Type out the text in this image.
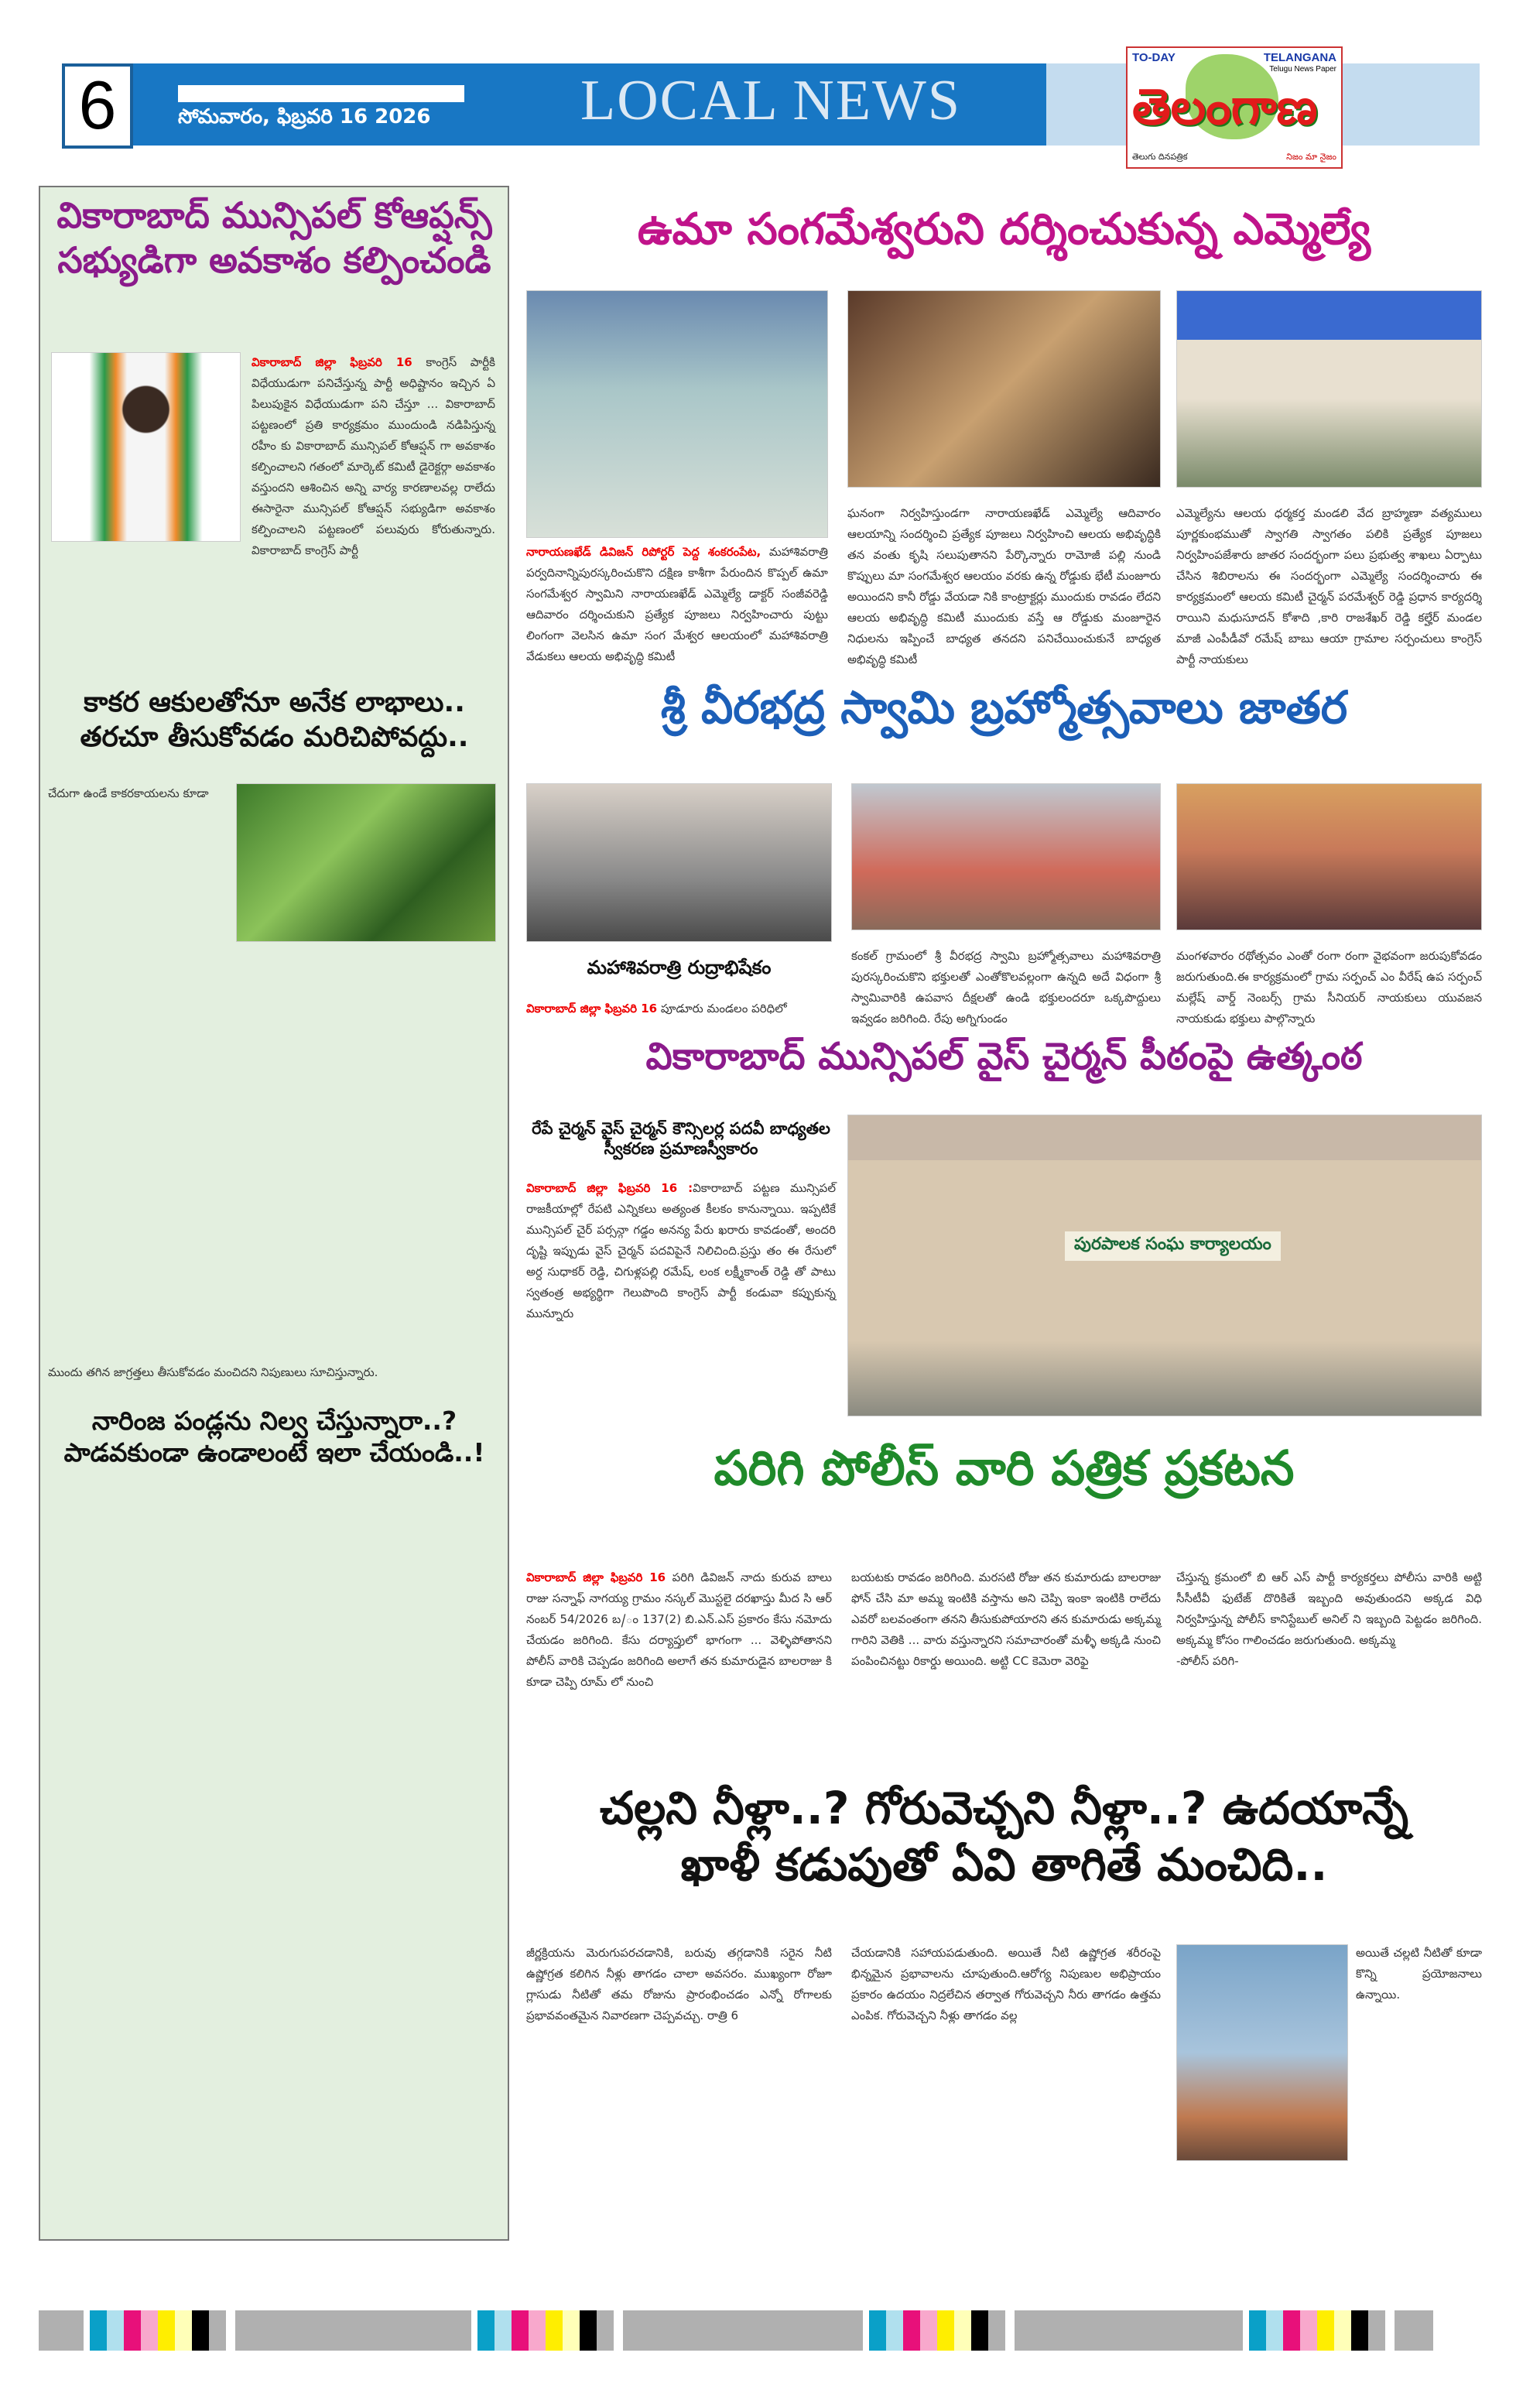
6	సోమవారం, ఫిబ్రవరి 16 2026	LOCAL NEWS
TO-DAY	TELANGANA
Telugu News Paper
తెలంగాణ
తెలుగు దినపత్రిక	నిజం మా నైజం
వికారాబాద్ మున్సిపల్ కోఆప్షన్స్ సభ్యుడిగా అవకాశం కల్పించండి
వికారాబాద్ జిల్లా ఫిబ్రవరి 16 కాంగ్రెస్ పార్టీకి విధేయుడుగా పనిచేస్తున్న పార్టీ అధిష్టానం ఇచ్చిన ఏ పిలుపుకైన విధేయుడుగా పని చేస్తూ ... వికారాబాద్ పట్టణంలో ప్రతి కార్యక్రమం ముందుండి నడిపిస్తున్న రహీం కు వికారాబాద్ మున్సిపల్ కోఆప్షన్ గా అవకాశం కల్పించాలని గతంలో మార్కెట్ కమిటీ డైరెక్టర్గా అవకాశం వస్తుందని ఆశించిన అన్ని వార్య కారణాలవల్ల రాలేదు ఈసారైనా మున్సిపల్ కోఆప్షన్ సభ్యుడిగా అవకాశం కల్పించాలని పట్టణంలో పలువురు కోరుతున్నారు. వికారాబాద్ కాంగ్రెస్ పార్టీ
కాకర ఆకులతోనూ అనేక లాభాలు..
తరచూ తీసుకోవడం మరిచిపోవద్దు..
చేదుగా ఉండే కాకరకాయలను కూడా
ముందు తగిన జాగ్రత్తలు తీసుకోవడం మంచిదని నిపుణులు సూచిస్తున్నారు.
నారింజ పండ్లను నిల్వ చేస్తున్నారా..?
పాడవకుండా ఉండాలంటే ఇలా చేయండి..!
ఉమా సంగమేశ్వరుని దర్శించుకున్న ఎమ్మెల్యే
నారాయణఖేడ్ డివిజన్ రిపోర్టర్ పెద్ద శంకరంపేట, మహాశివరాత్రి పర్వదినాన్నిపురస్కరించుకొని దక్షిణ కాశీగా పేరుందిన కొప్పల్ ఉమా సంగమేశ్వర స్వామిని నారాయణఖేడ్ ఎమ్మెల్యే డాక్టర్ సంజీవరెడ్డి ఆదివారం దర్శించుకుని ప్రత్యేక పూజలు నిర్వహించారు పుట్టు లింగంగా వెలసిన ఉమా సంగ మేశ్వర ఆలయంలో మహాశివరాత్రి వేడుకలు ఆలయ అభివృద్ధి కమిటీ
ఘనంగా నిర్వహిస్తుండగా నారాయణఖేడ్ ఎమ్మెల్యే ఆదివారం ఆలయాన్ని సందర్శించి ప్రత్యేక పూజలు నిర్వహించి ఆలయ అభివృద్ధికి తన వంతు కృషి సలుపుతానని పేర్కొన్నారు రామోజీ పల్లి నుండి కొప్పులు మా సంగమేశ్వర ఆలయం వరకు ఉన్న రోడ్డుకు భేటీ మంజూరు అయిందని కానీ రోడ్డు వేయడా నికి కాంట్రాక్టర్లు ముందుకు రావడం లేదని ఆలయ అభివృద్ధి కమిటీ ముందుకు వస్తే ఆ రోడ్డుకు మంజూరైన నిధులను ఇప్పించే బాధ్యత తనదని పనిచేయించుకునే బాధ్యత అభివృద్ధి కమిటీ
ఎమ్మెల్యేను ఆలయ ధర్మకర్త మండలి వేద బ్రాహ్మణా వత్యములు పూర్ణకుంభముతో స్వాగతి స్వాగతం పలికి ప్రత్యేక పూజలు నిర్వహింపజేశారు జాతర సందర్భంగా పలు ప్రభుత్వ శాఖలు ఏర్పాటు చేసిన శిబిరాలను ఈ సందర్భంగా ఎమ్మెల్యే సందర్శించారు ఈ కార్యక్రమంలో ఆలయ కమిటీ చైర్మన్ పరమేశ్వర్ రెడ్డి ప్రధాన కార్యదర్శి రాయిని మధుసూదన్ కోశాది ,కారి రాజశేఖర్ రెడ్డి కల్హేర్ మండల మాజీ ఎంపీడీవో రమేష్ బాబు ఆయా గ్రామాల సర్పంచులు కాంగ్రెస్ పార్టీ నాయకులు
శ్రీ వీరభద్ర స్వామి బ్రహ్మోత్సవాలు జాతర
మహాశివరాత్రి రుద్రాభిషేకం
వికారాబాద్ జిల్లా ఫిబ్రవరి 16 పూడూరు మండలం పరిధిలో
కంకల్ గ్రామంలో శ్రీ వీరభద్ర స్వామి బ్రహ్మోత్సవాలు మహాశివరాత్రి పురస్కరించుకొని భక్తులతో ఎంతోకొలవల్లంగా ఉన్నది అదే విధంగా శ్రీ స్వామివారికి ఉపవాస దీక్షలతో ఉండి భక్తులందరూ ఒక్కపొద్దులు ఇవ్వడం జరిగింది. రేపు అగ్నిగుండం
మంగళవారం రథోత్సవం ఎంతో రంగా రంగా వైభవంగా జరుపుకోవడం జరుగుతుంది.ఈ కార్యక్రమంలో గ్రామ సర్పంచ్ ఎం వీరేష్ ఉప సర్పంచ్ మల్లేష్ వార్డ్ నెంబర్స్ గ్రామ సీనియర్ నాయకులు యువజన నాయకుడు భక్తులు పాల్గొన్నారు
వికారాబాద్ మున్సిపల్ వైస్ చైర్మన్ పీఠంపై ఉత్కంఠ
రేపే చైర్మన్ వైస్ చైర్మన్ కౌన్సిలర్ల పదవీ బాధ్యతల స్వీకరణ ప్రమాణస్వీకారం
వికారాబాద్ జిల్లా ఫిబ్రవరి 16 :వికారాబాద్ పట్టణ మున్సిపల్ రాజకీయాల్లో రేపటి ఎన్నికలు అత్యంత కీలకం కానున్నాయి. ఇప్పటికే మున్సిపల్ చైర్ పర్సన్గా గడ్డం అనన్య పేరు ఖరారు కావడంతో, అందరి దృష్టి ఇప్పుడు వైస్ చైర్మన్ పదవిపైనే నిలిచింది.ప్రస్తు తం ఈ రేసులో అర్ద సుధాకర్ రెడ్డి, చిగుళ్లపల్లి రమేష్, లంక లక్ష్మీకాంత్ రెడ్డి తో పాటు స్వతంత్ర అభ్యర్థిగా గెలుపొంది కాంగ్రెస్ పార్టీ కండువా కప్పుకున్న మున్నూరు
పురపాలక సంఘ కార్యాలయం
పరిగి పోలీస్ వారి పత్రిక ప్రకటన
వికారాబాద్ జిల్లా ఫిబ్రవరి 16 పరిగి డివిజన్ నాదు కురువ బాలు రాజు సన్నాఫ్ నాగయ్య గ్రామం నస్కల్ మొస్టలై దరఖాస్తు మీద సి ఆర్ నంబర్ 54/2026 బ/ం 137(2) బి.ఎన్.ఎస్ ప్రకారం కేసు నమోదు చేయడం జరిగింది. కేసు దర్యాప్తులో భాగంగా ... వెళ్ళిపోతానని పోలీస్ వారికి చెప్పడం జరిగింది అలాగే తన కుమారుడైన బాలరాజు కి కూడా చెప్పి రూమ్ లో నుంచి
బయటకు రావడం జరిగింది. మరసటి రోజు తన కుమారుడు బాలరాజు ఫోన్ చేసి మా అమ్మ ఇంటికి వస్తాను అని చెప్పి ఇంకా ఇంటికి రాలేదు ఎవరో బలవంతంగా తనని తీసుకుపోయారని తన కుమారుడు అక్కమ్మ గారిని వెతికి ... వారు వస్తున్నారని సమాచారంతో మళ్ళీ అక్కడి నుంచి పంపించినట్టు రికార్డు అయింది. అట్టి CC కెమెరా వెరిఫై
చేస్తున్న క్రమంలో బి ఆర్ ఎస్ పార్టీ కార్యకర్తలు పోలీసు వారికి అట్టి సీసీటీవీ ఫుటేజ్ దొరికితే ఇబ్బంది అవుతుందని అక్కడ విధి నిర్వహిస్తున్న పోలీస్ కానిస్టేబుల్ అనిల్ ని ఇబ్బంది పెట్టడం జరిగింది. అక్కమ్మ కోసం గాలించడం జరుగుతుంది. అక్కమ్మ
-పోలీస్ పరిగి-
చల్లని నీళ్లా..? గోరువెచ్చని నీళ్లా..? ఉదయాన్నే
ఖాళీ కడుపుతో ఏవి తాగితే మంచిది..
జీర్ణక్రియను మెరుగుపరచడానికి, బరువు తగ్గడానికి సరైన నీటి ఉష్ణోగ్రత కలిగిన నీళ్లు తాగడం చాలా అవసరం. ముఖ్యంగా రోజూ గ్లాసుడు నీటితో తమ రోజును ప్రారంభించడం ఎన్నో రోగాలకు ప్రభావవంతమైన నివారణగా చెప్పవచ్చు. రాత్రి 6
చేయడానికి సహాయపడుతుంది. అయితే నీటి ఉష్ణోగ్రత శరీరంపై భిన్నమైన ప్రభావాలను చూపుతుంది.ఆరోగ్య నిపుణుల అభిప్రాయం ప్రకారం ఉదయం నిద్రలేచిన తర్వాత గోరువెచ్చని నీరు తాగడం ఉత్తమ ఎంపిక. గోరువెచ్చని నీళ్లు తాగడం వల్ల
అయితే చల్లటి నీటితో కూడా కొన్ని ప్రయోజనాలు ఉన్నాయి.
